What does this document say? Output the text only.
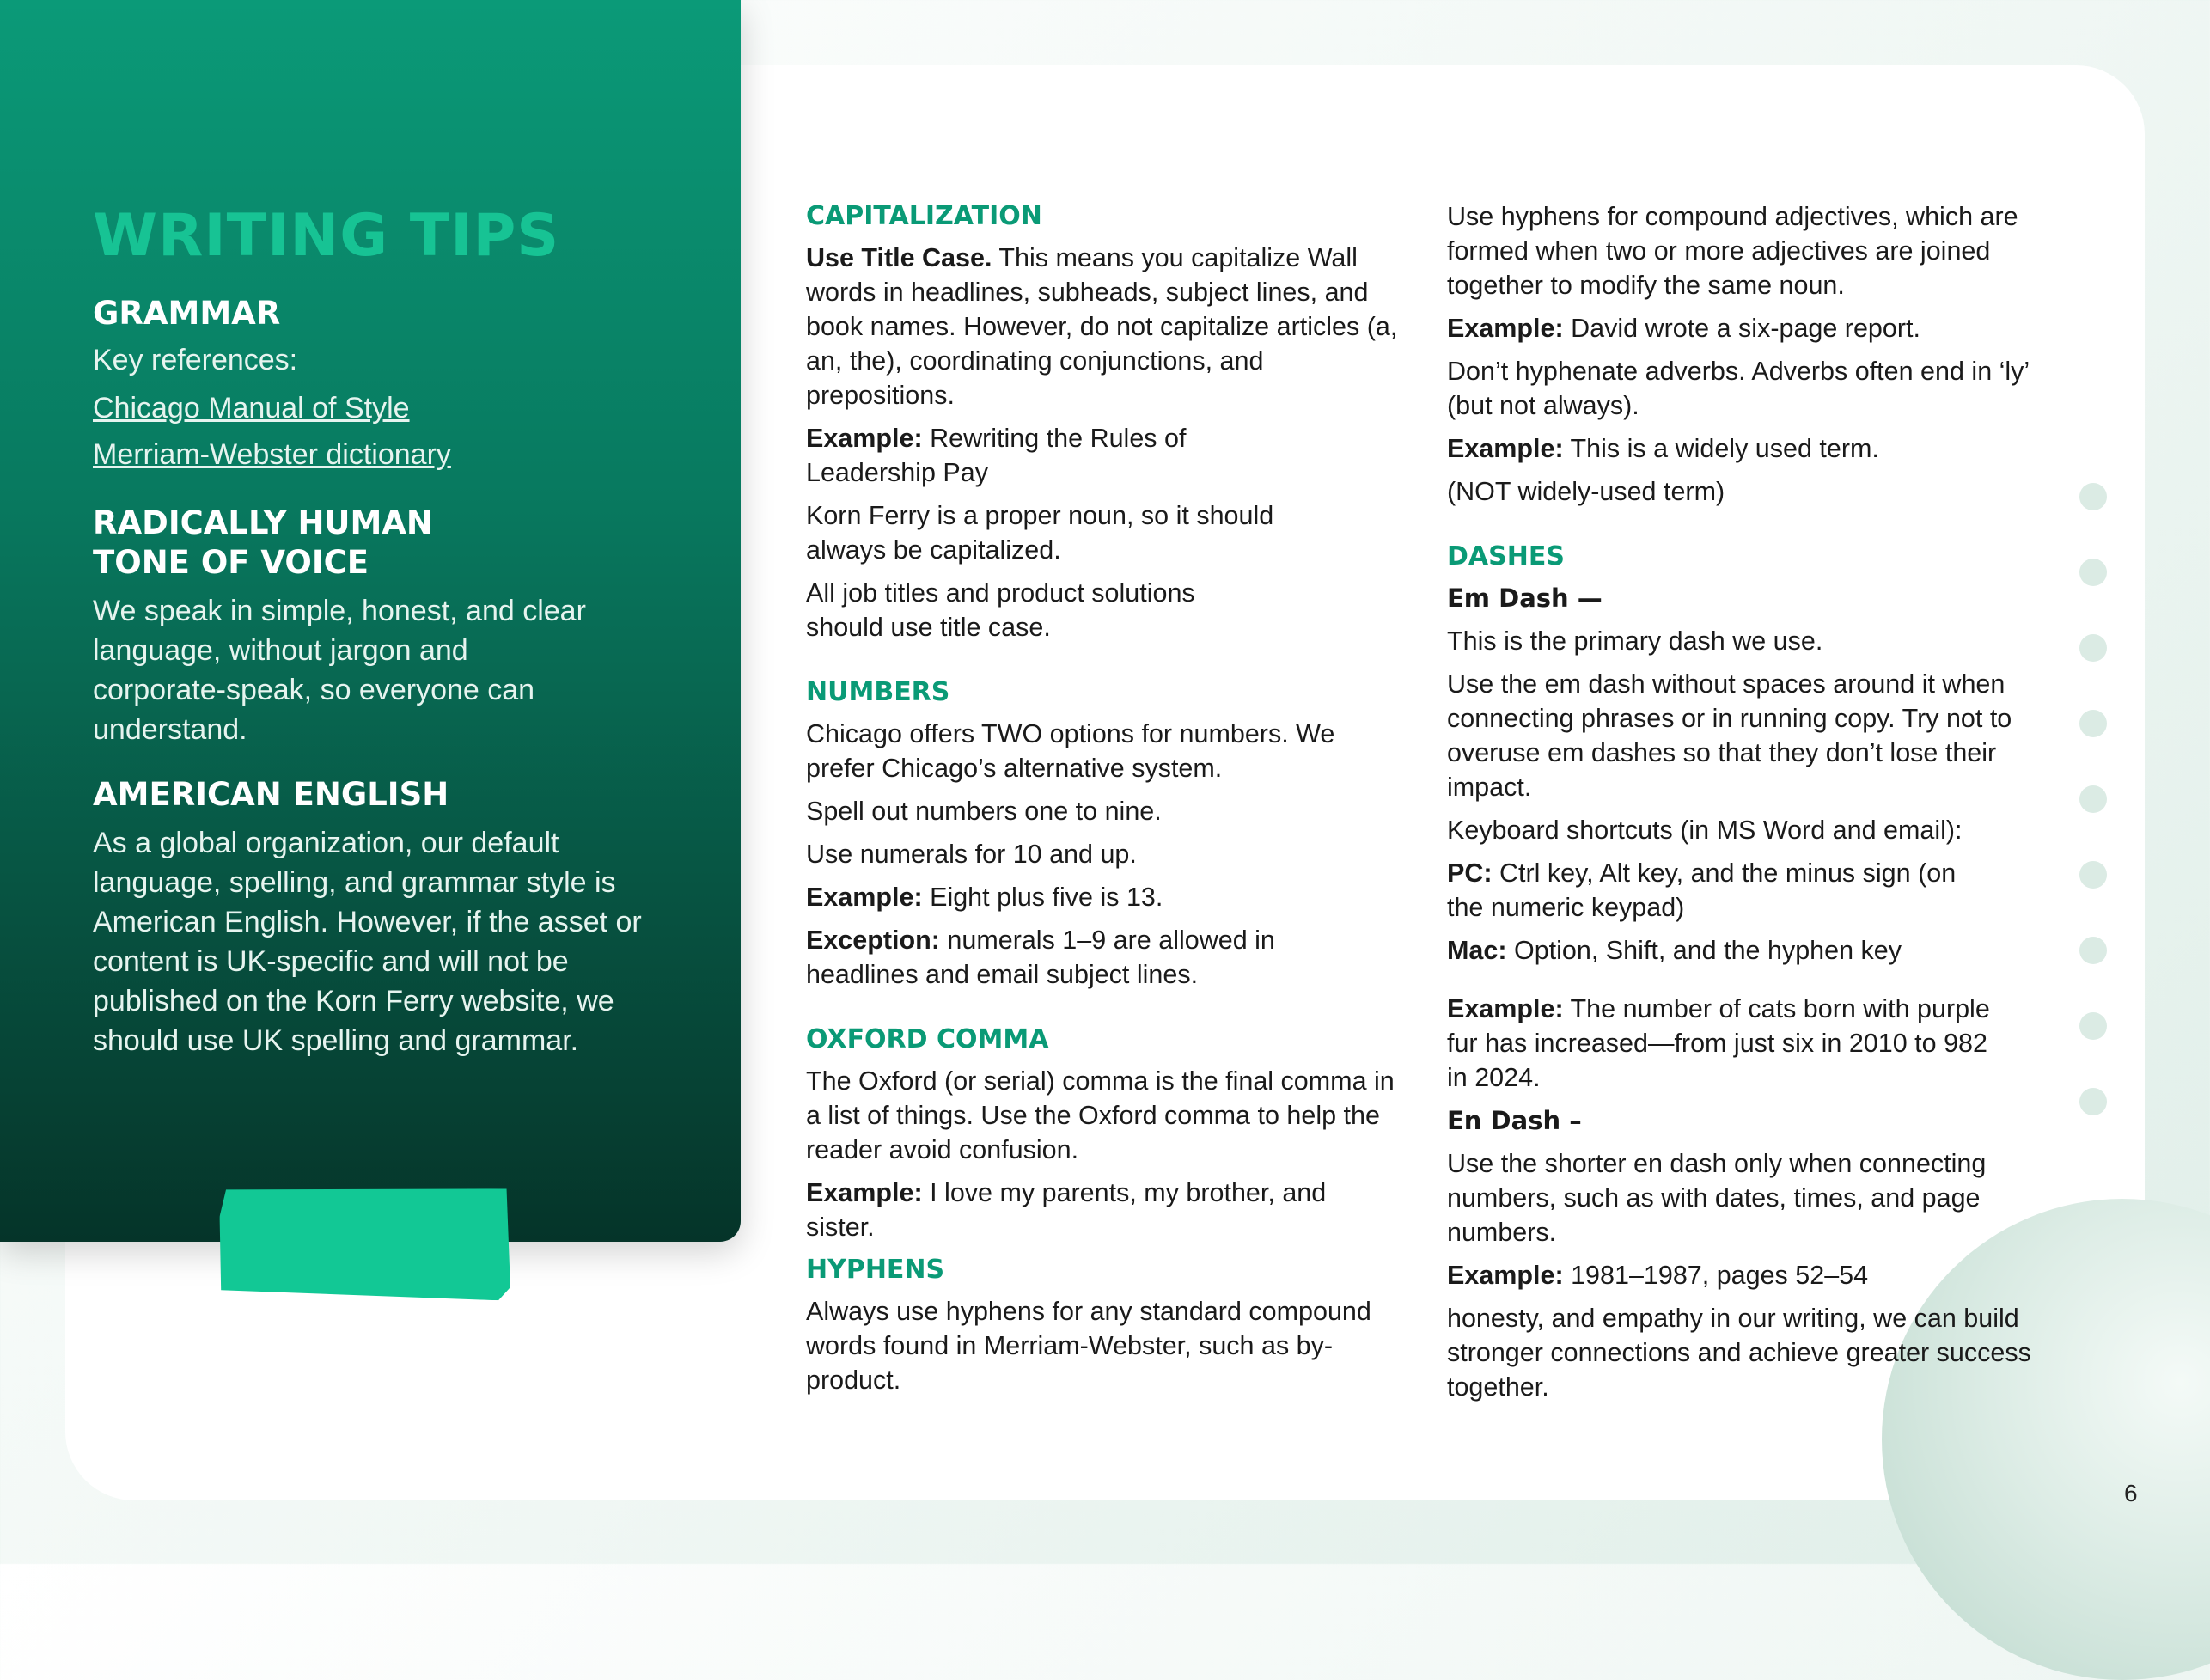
WRITING TIPS
GRAMMAR

Key references:

Chicago Manual of Style
Merriam-Webster dictionary
RADICALLY HUMAN
TONE OF VOICE

We speak in simple, honest, and clear language, without jargon and corporate-speak, so everyone can understand.

AMERICAN ENGLISH

As a global organization, our default language, spelling, and grammar style is American English. However, if the asset or content is UK-specific and will not be published on the Korn Ferry website, we should use UK spelling and grammar.

CAPITALIZATION

Use Title Case. This means you capitalize Wall words in headlines, subheads, subject lines, and book names. However, do not capitalize articles (a, an, the), coordinating conjunctions, and prepositions.

Example: Rewriting the Rules of Leadership Pay

Korn Ferry is a proper noun, so it should always be capitalized.

All job titles and product solutions should use title case.

NUMBERS

Chicago offers TWO options for numbers. We prefer Chicago’s alternative system.

Spell out numbers one to nine.

Use numerals for 10 and up.

Example: Eight plus five is 13.

Exception: numerals 1–9 are allowed in headlines and email subject lines.

OXFORD COMMA

The Oxford (or serial) comma is the final comma in a list of things. Use the Oxford comma to help the reader avoid confusion.

Example: I love my parents, my brother, and sister.

HYPHENS

Always use hyphens for any standard compound words found in Merriam-Webster, such as by-product.

Use hyphens for compound adjectives, which are formed when two or more adjectives are joined together to modify the same noun.

Example: David wrote a six-page report.

Don’t hyphenate adverbs. Adverbs often end in ‘ly’ (but not always).

Example: This is a widely used term.

(NOT widely-used term)

DASHES

Em Dash —

This is the primary dash we use.

Use the em dash without spaces around it when connecting phrases or in running copy. Try not to overuse em dashes so that they don’t lose their impact.

Keyboard shortcuts (in MS Word and email):

PC: Ctrl key, Alt key, and the minus sign (on the numeric keypad)

Mac: Option, Shift, and the hyphen key

Example: The number of cats born with purple fur has increased—from just six in 2010 to 982 in 2024.

En Dash –

Use the shorter en dash only when connecting numbers, such as with dates, times, and page numbers.

Example: 1981–1987, pages 52–54

honesty, and empathy in our writing, we can build stronger connections and achieve greater success together.

6
